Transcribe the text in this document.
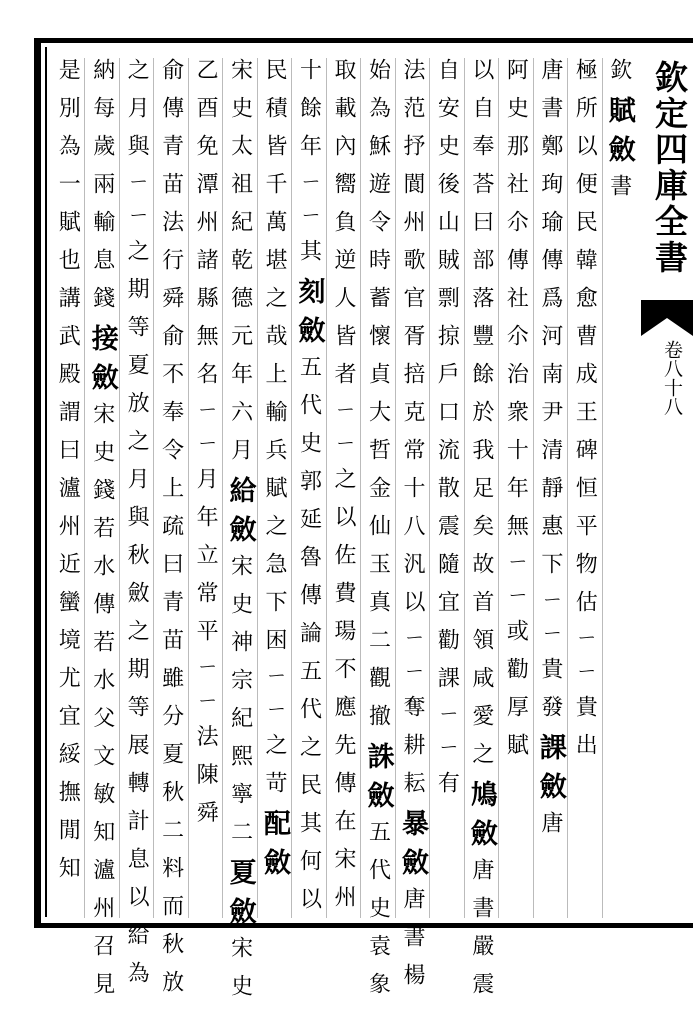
欽定四庫全書
卷八十八
欽賦斂書
極所以便民韓愈曹成王碑恒平物估ㄧㄧ貴出
唐書鄭珣瑜傳爲河南尹清靜惠下ㄧㄧ貴發課斂唐
阿史那社尒傳社尒治衆十年無ㄧㄧ或勸厚賦
以自奉荅曰部落豐餘於我足矣故首領咸愛之鳩斂唐書嚴震
自安史後山賊剽掠戶口流散震隨宜勸課ㄧㄧ有
法范抒閬州歌官胥掊克常十八汎以ㄧㄧ奪耕耘暴斂唐書楊
始為穌遊令時蓄懷貞大哲金仙玉真二觀撤誅斂五代史袁象
取載內嚮負逆人皆者ㄧㄧ之以佐費瑒不應先傳在宋州
十餘年ㄧㄧ其刻斂五代史郭延魯傳論五代之民其何以
民積皆千萬堪之哉上輸兵賦之急下困ㄧㄧ之苛配斂
宋史太祖紀乾德元年六月給斂宋史神宗紀熙寧二夏斂宋史
乙酉免潭州諸縣無名ㄧㄧ月年立常平ㄧㄧ法陳舜
俞傳青苗法行舜俞不奉令上疏曰青苗雖分夏秋二料而秋放
之月與ㄧㄧ之期等夏放之月與秋斂之期等展轉計息以給為
納每歲兩輸息錢接斂宋史錢若水傳若水父文敏知瀘州召見
是別為一賦也講武殿謂曰瀘州近蠻境尤宜綏撫閒知
